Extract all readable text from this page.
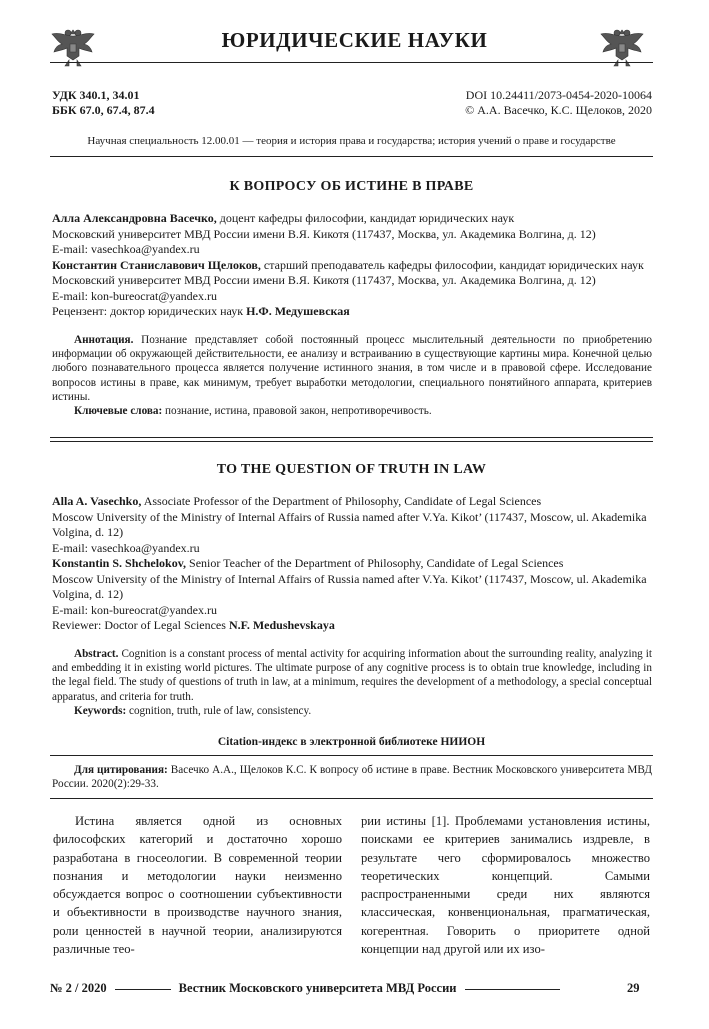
ЮРИДИЧЕСКИЕ НАУКИ
УДК 340.1, 34.01
ББК 67.0, 67.4, 87.4
DOI 10.24411/2073-0454-2020-10064
© А.А. Васечко, К.С. Щелоков, 2020
Научная специальность 12.00.01 — теория и история права и государства; история учений о праве и государстве
К ВОПРОСУ ОБ ИСТИНЕ В ПРАВЕ
Алла Александровна Васечко, доцент кафедры философии, кандидат юридических наук
Московский университет МВД России имени В.Я. Кикотя (117437, Москва, ул. Академика Волгина, д. 12)
E-mail: vasechkoa@yandex.ru
Константин Станиславович Щелоков, старший преподаватель кафедры философии, кандидат юридических наук
Московский университет МВД России имени В.Я. Кикотя (117437, Москва, ул. Академика Волгина, д. 12)
E-mail: kon-bureocrat@yandex.ru
Рецензент: доктор юридических наук Н.Ф. Медушевская

Аннотация. Познание представляет собой постоянный процесс мыслительный деятельности по приобретению информации об окружающей действительности, ее анализу и встраиванию в существующие картины мира. Конечной целью любого познавательного процесса является получение истинного знания, в том числе и в правовой сфере. Исследование вопросов истины в праве, как минимум, требует выработки методологии, специального понятийного аппарата, критериев истины.

Ключевые слова: познание, истина, правовой закон, непротиворечивость.

TO THE QUESTION OF TRUTH IN LAW
Alla A. Vasechko, Associate Professor of the Department of Philosophy, Candidate of Legal Sciences
Moscow University of the Ministry of Internal Affairs of Russia named after V.Ya. Kikot’ (117437, Moscow, ul. Akademika Volgina, d. 12)
E-mail: vasechkoa@yandex.ru
Konstantin S. Shchelokov, Senior Teacher of the Department of Philosophy, Candidate of Legal Sciences
Moscow University of the Ministry of Internal Affairs of Russia named after V.Ya. Kikot’ (117437, Moscow, ul. Akademika Volgina, d. 12)
E-mail: kon-bureocrat@yandex.ru
Reviewer: Doctor of Legal Sciences N.F. Medushevskaya

Abstract. Cognition is a constant process of mental activity for acquiring information about the surrounding reality, analyzing it and embedding it in existing world pictures. The ultimate purpose of any cognitive process is to obtain true knowledge, including in the legal field. The study of questions of truth in law, at a minimum, requires the development of a methodology, a special conceptual apparatus, and criteria for truth.

Keywords: cognition, truth, rule of law, consistency.

Citation-индекс в электронной библиотеке НИИОН

Для цитирования: Васечко А.А., Щелоков К.С. К вопросу об истине в праве. Вестник Московского университета МВД России. 2020(2):29-33.

Истина является одной из основных философских категорий и достаточно хорошо разработана в гносеологии. В современной теории познания и методологии науки неизменно обсуждается вопрос о соотношении субъективности и объективности в производстве научного знания, роли ценностей в научной теории, анализируются различные тео-

рии истины [1]. Проблемами установления истины, поисками ее критериев занимались издревле, в результате чего сформировалось множество теоретических концепций. Самыми распространенными среди них являются классическая, конвенциональная, прагматическая, когерентная. Говорить о приоритете одной концепции над другой или их изо-

№ 2 / 2020	Вестник Московского университета МВД России	29
